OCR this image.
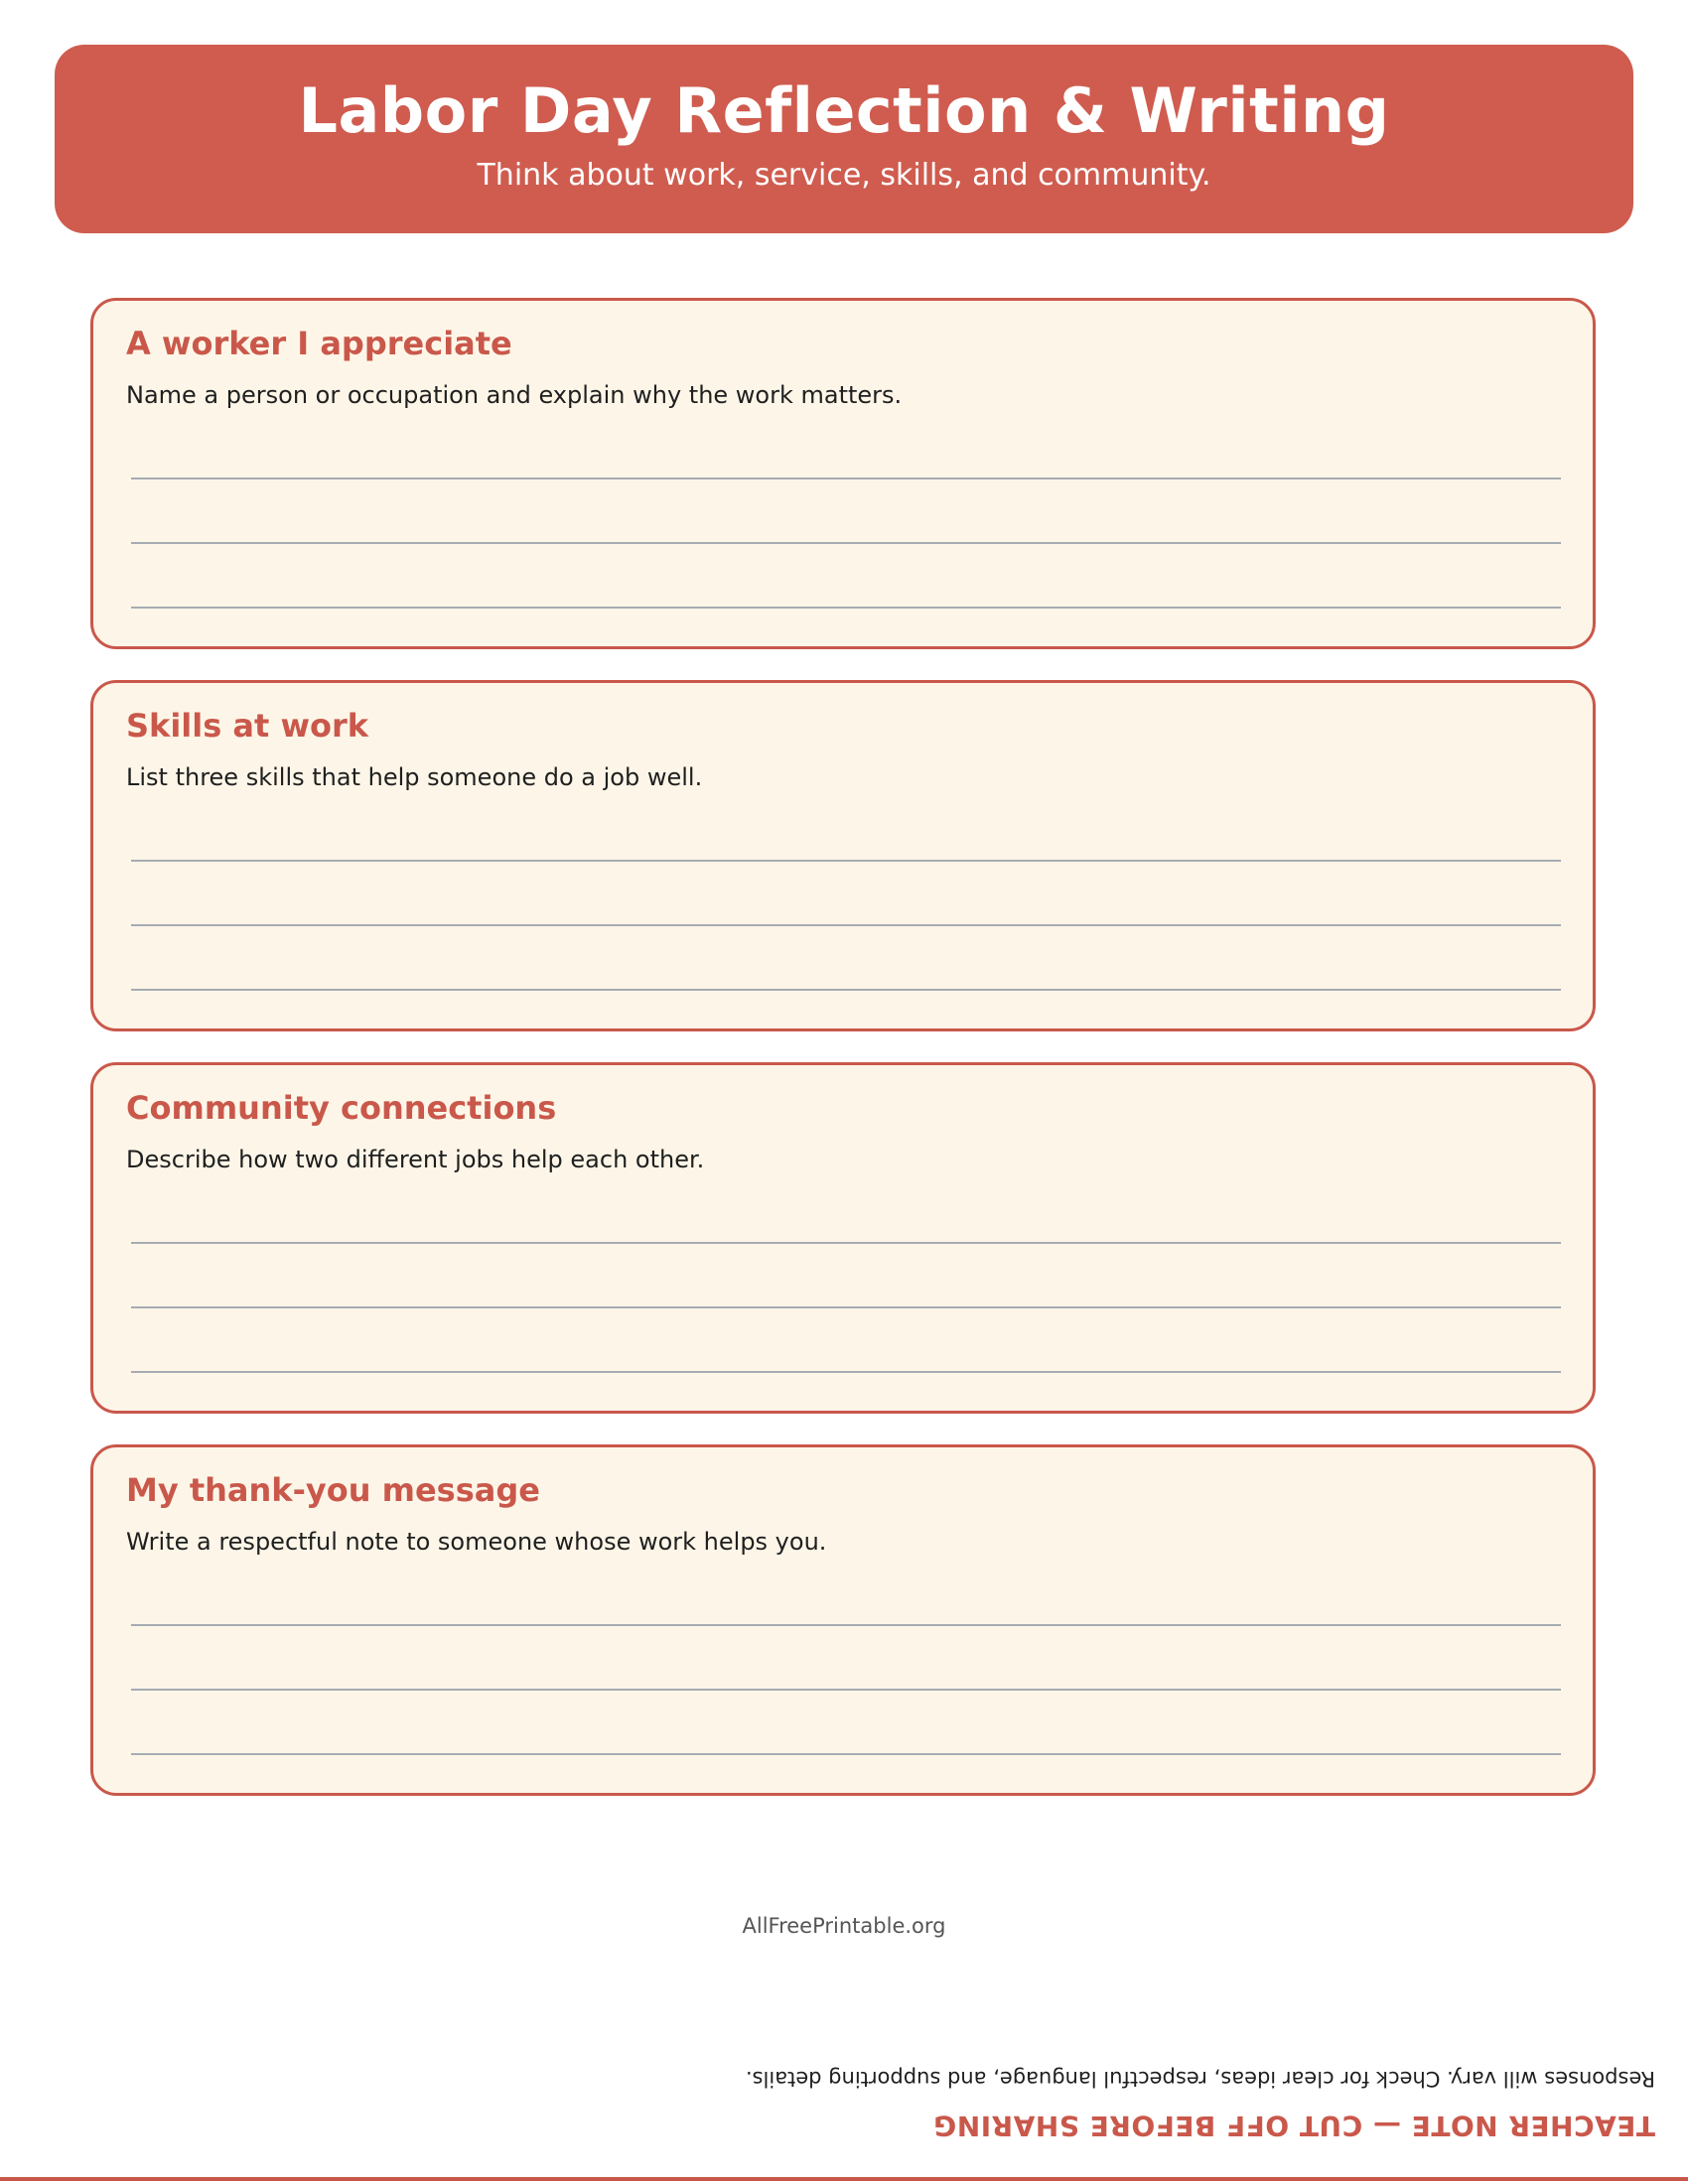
Labor Day Reflection & Writing
Think about work, service, skills, and community.
A worker I appreciate
Name a person or occupation and explain why the work matters.
Skills at work
List three skills that help someone do a job well.
Community connections
Describe how two different jobs help each other.
My thank-you message
Write a respectful note to someone whose work helps you.
AllFreePrintable.org
TEACHER NOTE — CUT OFF BEFORE SHARING
Responses will vary. Check for clear ideas, respectful language, and supporting details.
